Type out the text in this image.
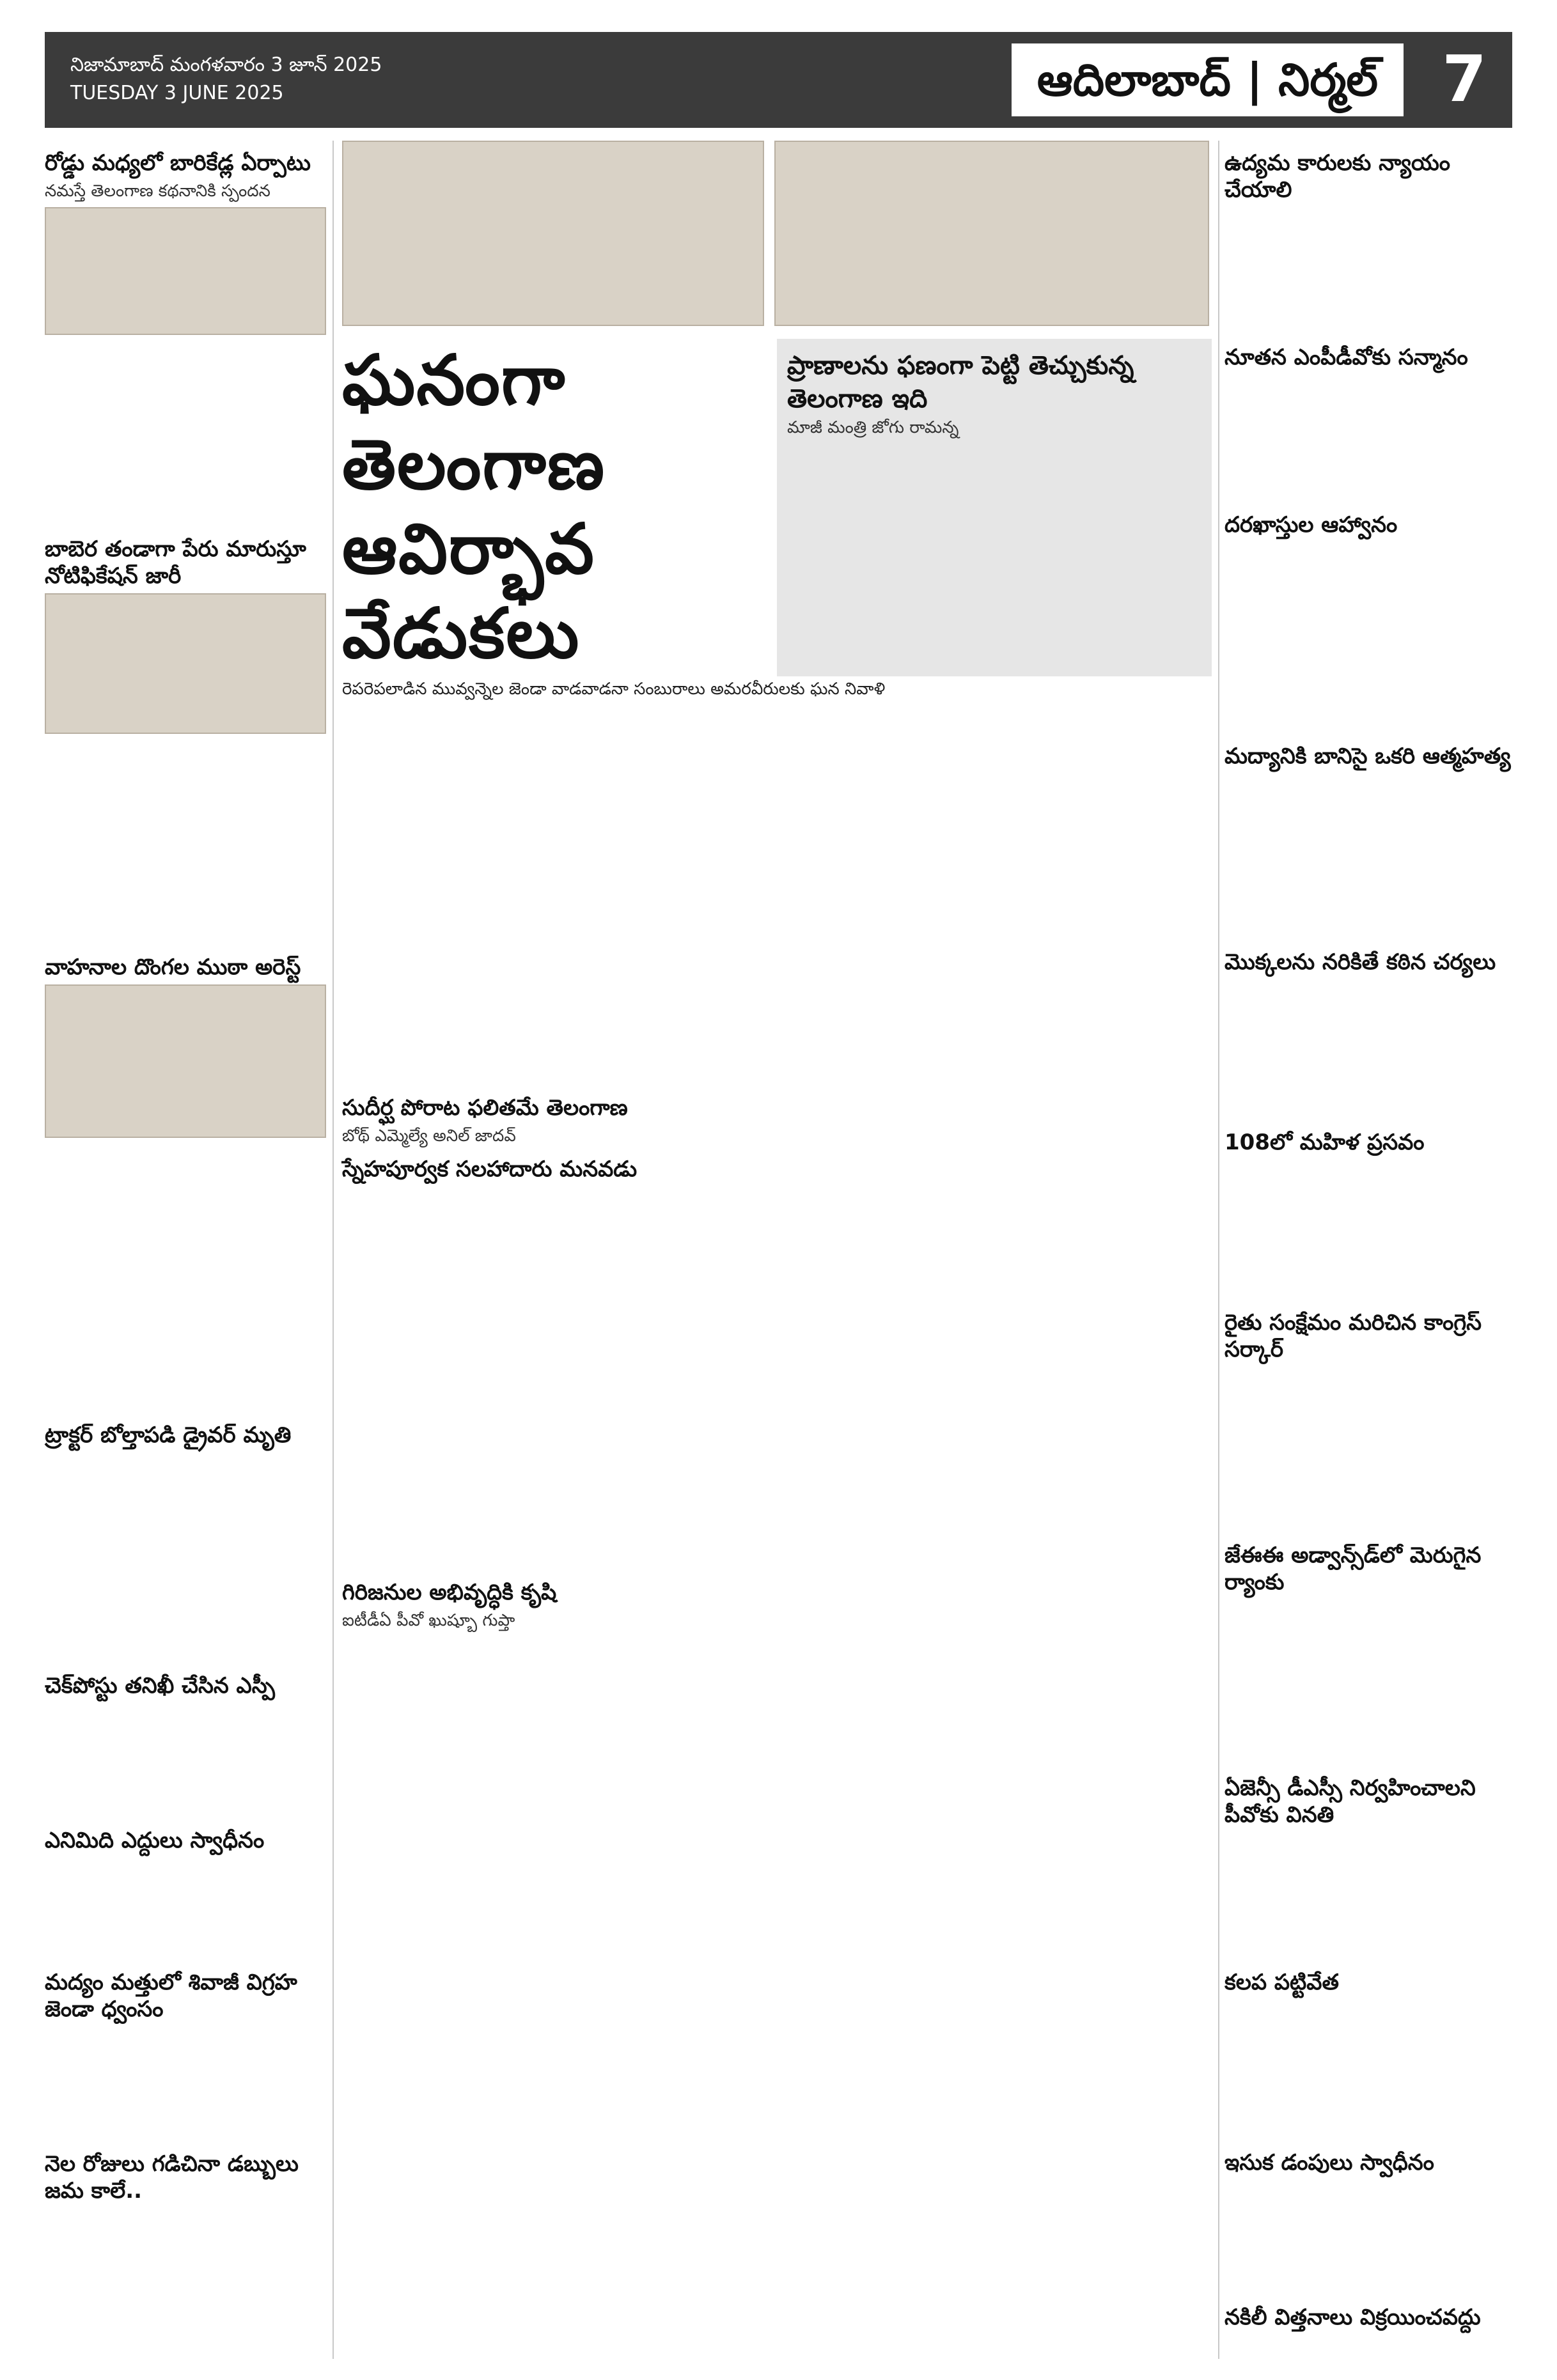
నిజామాబాద్ మంగళవారం 3 జూన్ 2025
TUESDAY 3 JUNE 2025	ఆదిలాబాద్ | నిర్మల్	7
రోడ్డు మధ్యలో బారికేడ్ల ఏర్పాటు
నమస్తే తెలంగాణ కథనానికి స్పందన
బాబెర తండాగా పేరు మారుస్తూ నోటిఫికేషన్ జారీ
వాహనాల దొంగల ముఠా అరెస్ట్
ట్రాక్టర్ బోల్తాపడి డ్రైవర్ మృతి
చెక్‌పోస్టు తనిఖీ చేసిన ఎస్పీ
ఎనిమిది ఎద్దులు స్వాధీనం
మద్యం మత్తులో శివాజీ విగ్రహ జెండా ధ్వంసం
నెల రోజులు గడిచినా డబ్బులు జమ కాలే..
ఘనంగా తెలంగాణ
ఆవిర్భావ వేడుకలు
ప్రాణాలను ఫణంగా పెట్టి తెచ్చుకున్న తెలంగాణ ఇది
మాజీ మంత్రి జోగు రామన్న
రెపరెపలాడిన మువ్వన్నెల జెండా వాడవాడనా సంబురాలు అమరవీరులకు ఘన నివాళి
సుదీర్ఘ పోరాట ఫలితమే తెలంగాణ
బోథ్ ఎమ్మెల్యే అనిల్ జాదవ్
స్నేహపూర్వక సలహాదారు మనవడు
గిరిజనుల అభివృద్ధికి కృషి
ఐటీడీఏ పీవో ఖుష్బూ గుప్తా
ఉద్యమ కారులకు న్యాయం చేయాలి
నూతన ఎంపీడీవోకు సన్మానం
దరఖాస్తుల ఆహ్వానం
మద్యానికి బానిసై ఒకరి ఆత్మహత్య
మొక్కలను నరికితే కఠిన చర్యలు
108లో మహిళ ప్రసవం
రైతు సంక్షేమం మరిచిన కాంగ్రెస్ సర్కార్
జేఈఈ అడ్వాన్స్‌డ్‌లో మెరుగైన ర్యాంకు
ఏజెన్సీ డీఎస్సీ నిర్వహించాలని పీవోకు వినతి
కలప పట్టివేత
ఇసుక డంపులు స్వాధీనం
నకిలీ విత్తనాలు విక్రయించవద్దు
